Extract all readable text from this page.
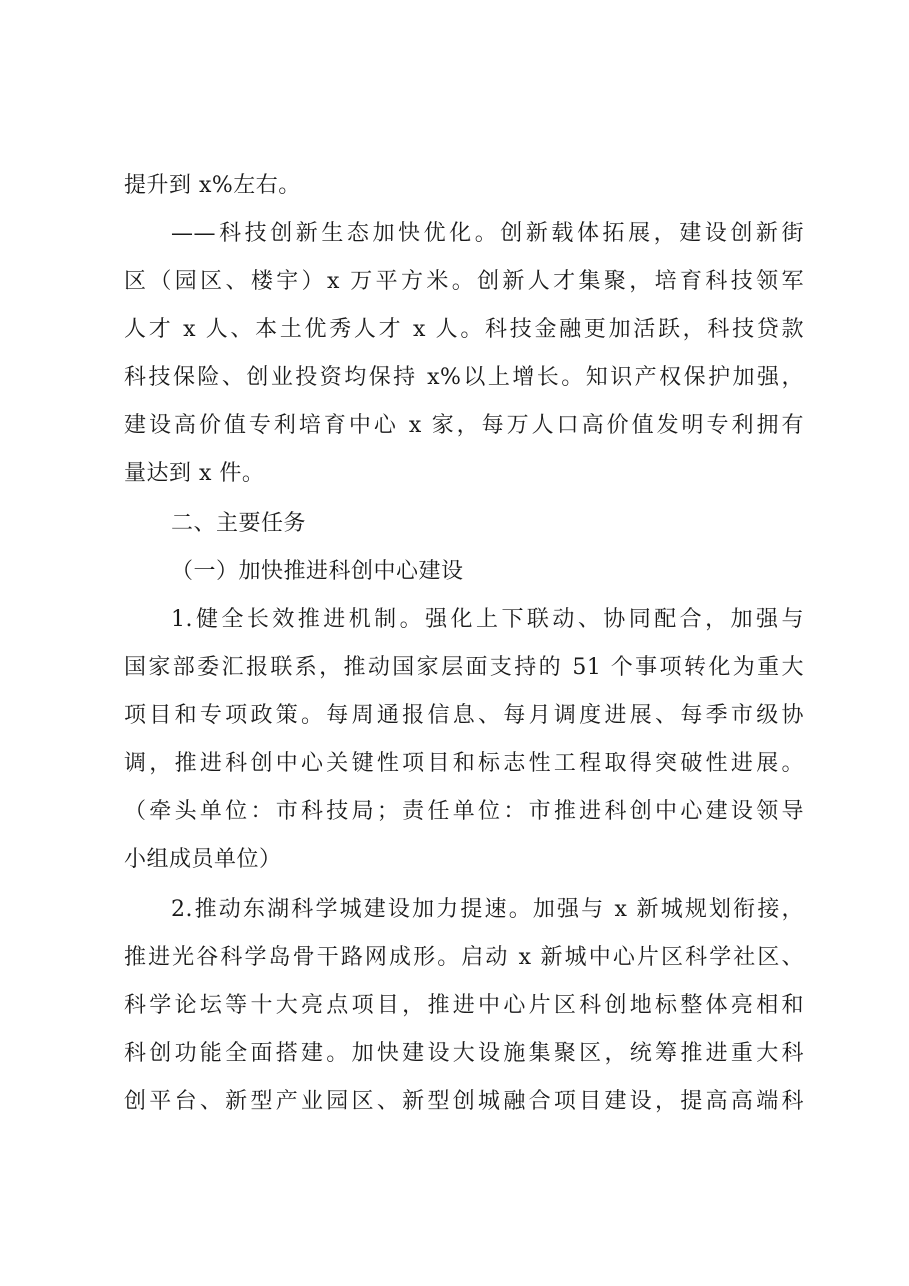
提升到 x%左右。
——科技创新生态加快优化。创新载体拓展，建设创新街
区（园区、楼宇）x 万平方米。创新人才集聚，培育科技领军
人才 x 人、本土优秀人才 x 人。科技金融更加活跃，科技贷款
科技保险、创业投资均保持 x%以上增长。知识产权保护加强，
建设高价值专利培育中心 x 家，每万人口高价值发明专利拥有
量达到 x 件。
二、主要任务
（一）加快推进科创中心建设
1.健全长效推进机制。强化上下联动、协同配合，加强与
国家部委汇报联系，推动国家层面支持的 51 个事项转化为重大
项目和专项政策。每周通报信息、每月调度进展、每季市级协
调，推进科创中心关键性项目和标志性工程取得突破性进展。
（牵头单位：市科技局；责任单位：市推进科创中心建设领导
小组成员单位）
2.推动东湖科学城建设加力提速。加强与 x 新城规划衔接，
推进光谷科学岛骨干路网成形。启动 x 新城中心片区科学社区、
科学论坛等十大亮点项目，推进中心片区科创地标整体亮相和
科创功能全面搭建。加快建设大设施集聚区，统筹推进重大科
创平台、新型产业园区、新型创城融合项目建设，提高高端科
